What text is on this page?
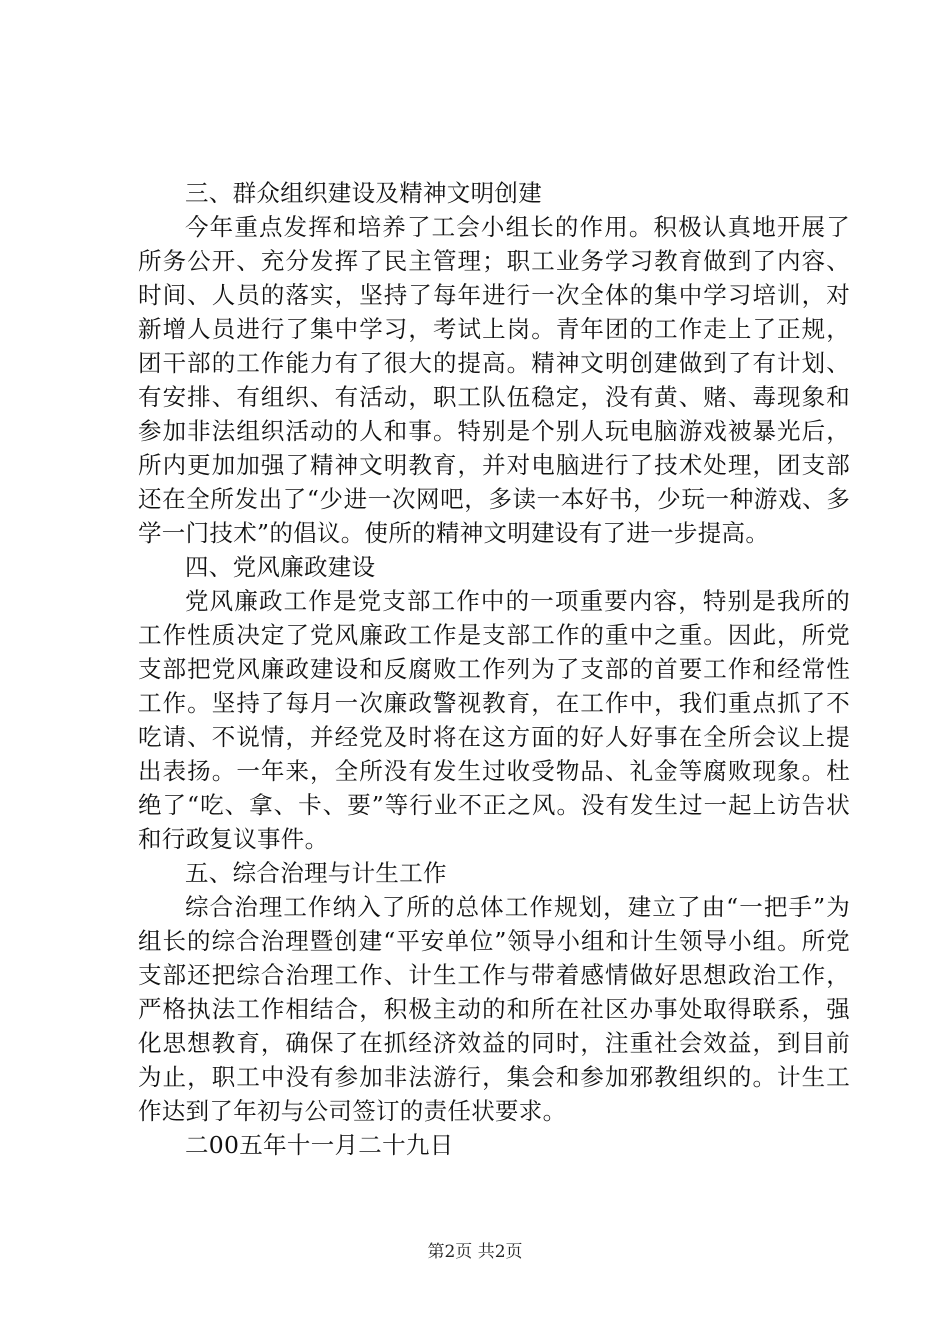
三、群众组织建设及精神文明创建

今年重点发挥和培养了工会小组长的作用。积极认真地开展了所务公开、充分发挥了民主管理；职工业务学习教育做到了内容、时间、人员的落实，坚持了每年进行一次全体的集中学习培训，对新增人员进行了集中学习，考试上岗。青年团的工作走上了正规，团干部的工作能力有了很大的提高。精神文明创建做到了有计划、有安排、有组织、有活动，职工队伍稳定，没有黄、赌、毒现象和参加非法组织活动的人和事。特别是个别人玩电脑游戏被暴光后，所内更加加强了精神文明教育，并对电脑进行了技术处理，团支部还在全所发出了“少进一次网吧，多读一本好书，少玩一种游戏、多学一门技术”的倡议。使所的精神文明建设有了进一步提高。

四、党风廉政建设

党风廉政工作是党支部工作中的一项重要内容，特别是我所的工作性质决定了党风廉政工作是支部工作的重中之重。因此，所党支部把党风廉政建设和反腐败工作列为了支部的首要工作和经常性工作。坚持了每月一次廉政警视教育，在工作中，我们重点抓了不吃请、不说情，并经党及时将在这方面的好人好事在全所会议上提出表扬。一年来，全所没有发生过收受物品、礼金等腐败现象。杜绝了“吃、拿、卡、要”等行业不正之风。没有发生过一起上访告状和行政复议事件。

五、综合治理与计生工作

综合治理工作纳入了所的总体工作规划，建立了由“一把手”为组长的综合治理暨创建“平安单位”领导小组和计生领导小组。所党支部还把综合治理工作、计生工作与带着感情做好思想政治工作，严格执法工作相结合，积极主动的和所在社区办事处取得联系，强化思想教育，确保了在抓经济效益的同时，注重社会效益，到目前为止，职工中没有参加非法游行，集会和参加邪教组织的。计生工作达到了年初与公司签订的责任状要求。

二00五年十一月二十九日

第2页 共2页
